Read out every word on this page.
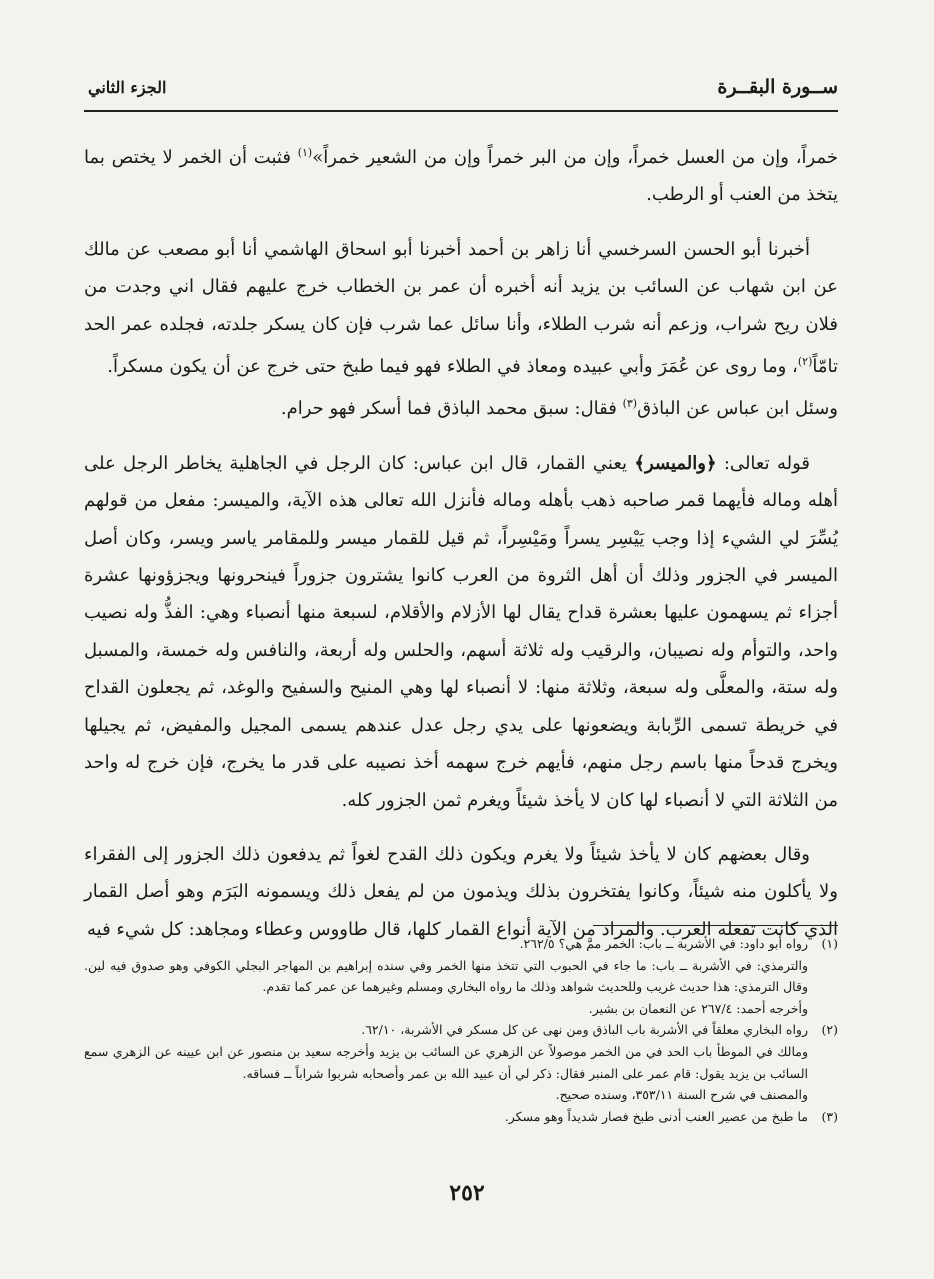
ســورة البقــرة
الجزء الثاني

خمراً، وإن من العسل خمراً، وإن من البر خمراً وإن من الشعير خمراً»$^{(١)}$ فثبت أن الخمر لا يختص بما يتخذ من العنب أو الرطب.

أخبرنا أبو الحسن السرخسي أنا زاهر بن أحمد أخبرنا أبو اسحاق الهاشمي أنا أبو مصعب عن مالك عن ابن شهاب عن السائب بن يزيد أنه أخبره أن عمر بن الخطاب خرج عليهم فقال اني وجدت من فلان ريح شراب، وزعم أنه شرب الطلاء، وأنا سائل عما شرب فإن كان يسكر جلدته، فجلده عمر الحد تامّاً$^{(٢)}$، وما روى عن عُمَرَ وأبي عبيده ومعاذ في الطلاء فهو فيما طبخ حتى خرج عن أن يكون مسكراً.
وسئل ابن عباس عن الباذق$^{(٣)}$ فقال: سبق محمد الباذق فما أسكر فهو حرام.

قوله تعالى: ﴿والميسر﴾ يعني القمار، قال ابن عباس: كان الرجل في الجاهلية يخاطر الرجل على أهله وماله فأيهما قمر صاحبه ذهب بأهله وماله فأنزل الله تعالى هذه الآية، والميسر: مفعل من قولهم يُسِّرَ لي الشيء إذا وجب يَيْسِر يسراً ومَيْسِراً، ثم قيل للقمار ميسر وللمقامر ياسر ويسر، وكان أصل الميسر في الجزور وذلك أن أهل الثروة من العرب كانوا يشترون جزوراً فينحرونها ويجزؤونها عشرة أجزاء ثم يسهمون عليها بعشرة قداح يقال لها الأزلام والأقلام، لسبعة منها أنصباء وهي: الفذُّ وله نصيب واحد، والتوأم وله نصيبان، والرقيب وله ثلاثة أسهم، والحلس وله أربعة، والنافس وله خمسة، والمسبل وله ستة، والمعلَّى وله سبعة، وثلاثة منها: لا أنصباء لها وهي المنيح والسفيح والوغد، ثم يجعلون القداح في خريطة تسمى الرِّبابة ويضعونها على يدي رجل عدل عندهم يسمى المجيل والمفيض، ثم يجيلها ويخرج قدحاً منها باسم رجل منهم، فأيهم خرج سهمه أخذ نصيبه على قدر ما يخرج، فإن خرج له واحد من الثلاثة التي لا أنصباء لها كان لا يأخذ شيئاً ويغرم ثمن الجزور كله.

وقال بعضهم كان لا يأخذ شيئاً ولا يغرم ويكون ذلك القدح لغواً ثم يدفعون ذلك الجزور إلى الفقراء ولا يأكلون منه شيئاً، وكانوا يفتخرون بذلك ويذمون من لم يفعل ذلك ويسمونه البَرَم وهو أصل القمار الذي كانت تفعله العرب. والمراد من الآية أنواع القمار كلها، قال طاووس وعطاء ومجاهد: كل شيء فيه

(١)رواه أبو داود: في الأشربة ــ باب: الخمر ممَّ هي؟ ٢٦٢/٥.

والترمذي: في الأشربة ــ باب: ما جاء في الحبوب التي تتخذ منها الخمر وفي سنده إبراهيم بن المهاجر البجلي الكوفي وهو صدوق فيه لين. وقال الترمذي: هذا حديث غريب وللحديث شواهد وذلك ما رواه البخاري ومسلم وغيرهما عن عمر كما تقدم.

وأخرجه أحمد: ٢٦٧/٤ عن النعمان بن بشير.

(٢)رواه البخاري معلقاً في الأشربة باب الباذق ومن نهى عن كل مسكر في الأشربة، ٦٢/١٠.

ومالك في الموطأ باب الحد في من الخمر موصولاً عن الزهري عن السائب بن يزيد وأخرجه سعيد بن منصور عن ابن عيينه عن الزهري سمع السائب بن يزيد يقول: قام عمر على المنبر فقال: ذكر لي أن عبيد الله بن عمر وأصحابه شربوا شراباً ــ فساقه.

والمصنف في شرح السنة ٣٥٣/١١، وسنده صحيح.

(٣)ما طبخ من عصير العنب أدنى طبخ فصار شديداً وهو مسكر.

٢٥٢
